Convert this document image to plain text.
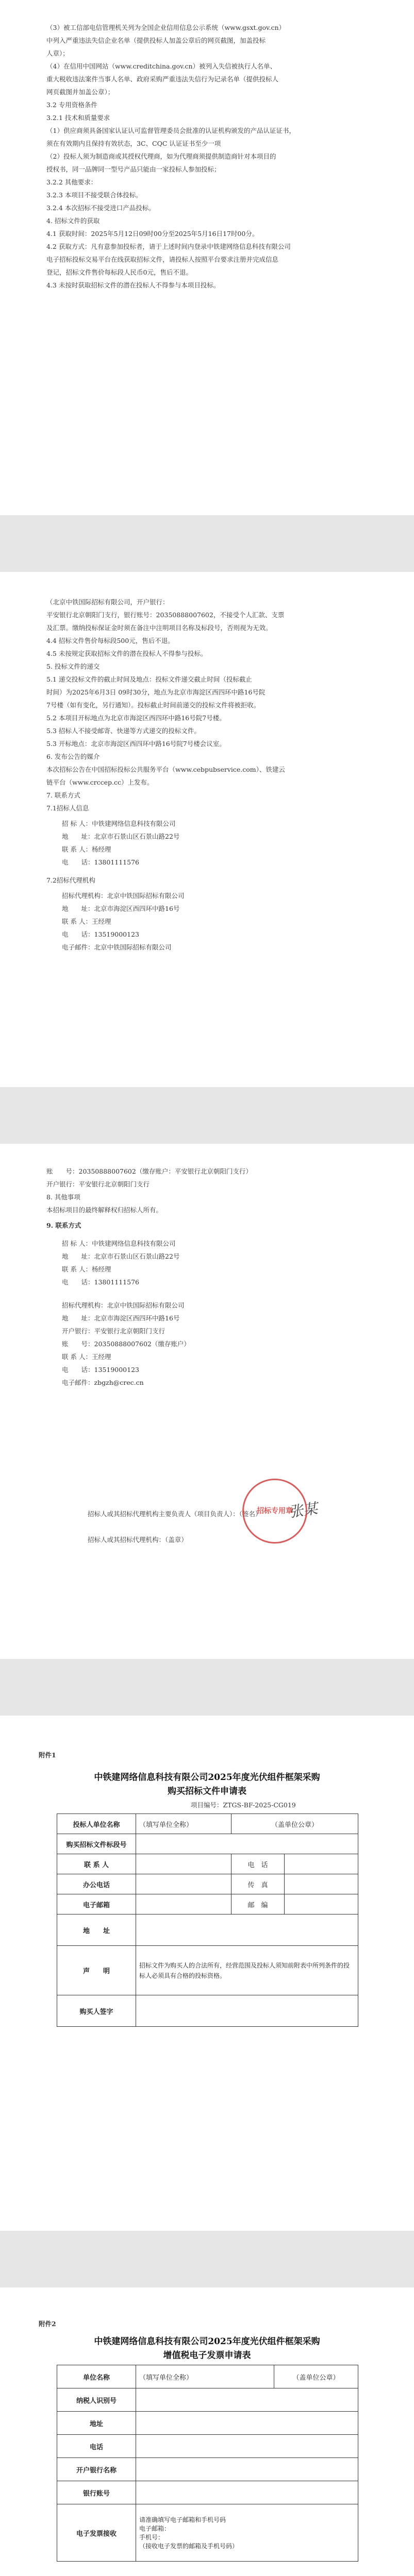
（3）被工信部电信管理机关列为全国企业信用信息公示系统（www.gsxt.gov.cn）
中列入严重违法失信企业名单（提供投标人加盖公章后的网页截图，加盖投标
人章）；
（4）在信用中国网站（www.creditchina.gov.cn）被列入失信被执行人名单、
重大税收违法案件当事人名单、政府采购严重违法失信行为记录名单（提供投标人
网页截图并加盖公章）；
3.2 专用资格条件
3.2.1 技术和质量要求
（1）供应商须具备国家认证认可监督管理委员会批准的认证机构颁发的产品认证证书，
须在有效期内且保持有效状态，3C、CQC 认证证书至少一项
（2）投标人须为制造商或其授权代理商，如为代理商须提供制造商针对本项目的
授权书，同一品牌同一型号产品只能由一家投标人参加投标；
3.2.2 其他要求：
3.2.3 本项目不接受联合体投标。
3.2.4 本次招标不接受进口产品投标。
4. 招标文件的获取
4.1 获取时间：2025年5月12日09时00分至2025年5月16日17时00分。
4.2 获取方式：凡有意参加投标者，请于上述时间内登录中铁建网络信息科技有限公司
电子招标投标交易平台在线获取招标文件，请投标人按照平台要求注册并完成信息
登记，招标文件售价每标段人民币0元，售后不退。
4.3 未按时获取招标文件的潜在投标人不得参与本项目投标。
（北京中铁国际招标有限公司，开户银行：
平安银行北京朝阳门支行，银行账号：20350888007602，不接受个人汇款、支票
及汇票。缴纳投标保证金时须在备注中注明项目名称及标段号，否则视为无效。
4.4 招标文件售价每标段500元，售后不退。
4.5 未按规定获取招标文件的潜在投标人不得参与投标。
5. 投标文件的递交
5.1 递交投标文件的截止时间及地点：投标文件递交截止时间（投标截止
时间）为2025年6月3日 09时30分，地点为北京市海淀区西四环中路16号院
7号楼（如有变化，另行通知）。投标截止时间前递交的投标文件将被拒收。
5.2 本项目开标地点为北京市海淀区西四环中路16号院7号楼。
5.3 招标人不接受邮寄、快递等方式递交的投标文件。
5.3 开标地点：北京市海淀区西四环中路16号院7号楼会议室。
6. 发布公告的媒介
本次招标公告在中国招标投标公共服务平台（www.cebpubservice.com）、铁建云
链平台（www.crccep.cc）上发布。
7. 联系方式
7.1招标人信息
招 标 人：中铁建网络信息科技有限公司
地　　址：北京市石景山区石景山路22号
联 系 人：杨经理
电　　话：13801111576
7.2招标代理机构
招标代理机构：北京中铁国际招标有限公司
地　　址：北京市海淀区西四环中路16号
联 系 人：王经理
电　　话：13519000123
电子邮件：北京中铁国际招标有限公司
账　　号：20350888007602（缴存账户：平安银行北京朝阳门支行）
开户银行：平安银行北京朝阳门支行
8. 其他事项
本招标项目的最终解释权归招标人所有。
9. 联系方式
招 标 人：中铁建网络信息科技有限公司
地　　址：北京市石景山区石景山路22号
联 系 人：杨经理
电　　话：13801111576
招标代理机构：北京中铁国际招标有限公司
地　　址：北京市海淀区西四环中路16号
开户银行：平安银行北京朝阳门支行
账　　号：20350888007602（缴存账户）
联 系 人：王经理
电　　话：13519000123
电子邮件：zbgzh@crec.cn
招标人或其招标代理机构主要负责人（项目负责人）：（签名）
招标人或其招标代理机构：（盖章）
张某
招标专用章
附件1
中铁建网络信息科技有限公司2025年度光伏组件框架采购
购买招标文件申请表
项目编号：ZTGS-BF-2025-CG019
投标人单位名称	（填写单位全称）	（盖单位公章）	
购买招标文件标段号			
联 系 人		电　话	
办公电话		传　真	
电子邮箱		邮　编	
地　　址			
声　　明	招标文件为购买人的合法所有，经营范围及投标人须知前附表中所列条件的投标人必须具有合格的投标资格。		
购买人签字			
附件2
中铁建网络信息科技有限公司2025年度光伏组件框架采购
增值税电子发票申请表
单位名称	（填写单位全称）	（盖单位公章）
纳税人识别号		
地址		
电话		
开户银行名称		
银行账号		
电子发票接收	请准确填写电子邮箱和手机号码
电子邮箱：
手机号：
（接收电子发票的邮箱及手机号码）	
